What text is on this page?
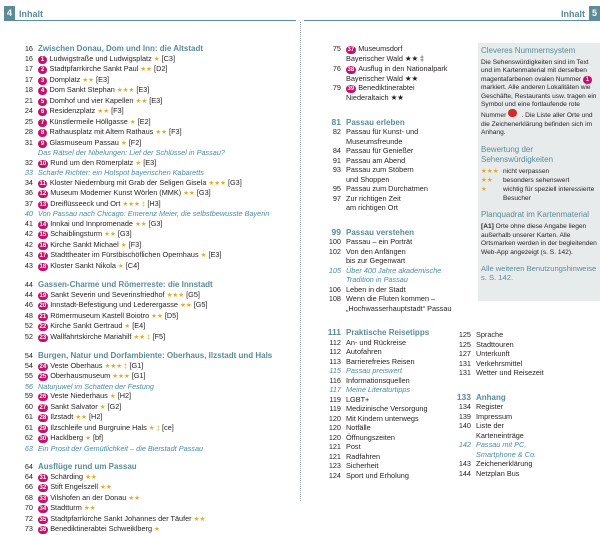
4 Inhalt	Inhalt 5
16 Zwischen Donau, Dom und Inn: die Altstadt
16	1 Ludwigstraße und Ludwigsplatz ★ [C3]
17	2 Stadtpfarrkirche Sankt Paul ★★ [D2]
17	3 Domplatz ★★ [E3]
18	4 Dom Sankt Stephan ★★★ [E3]
21	5 Domhof und vier Kapellen ★★ [E3]
24	6 Residenzplatz ★★ [F3]
25	7 Künstlermeile Höllgasse ★ [E2]
28	8 Rathausplatz mit Altem Rathaus ★★ [F3]
31	9 Glasmuseum Passau ★ [F2]
Das Rätsel der Nibelungen: Lief der Schlüssel in Passau?
32	10 Rund um den Römerplatz ★ [E3]
33 Scharfe Richter: ein Hotspot bayerischen Kabaretts
34	11 Kloster Niedernburg mit Grab der Seligen Gisela ★★★ [G3]
36	12 Museum Moderner Kunst Wörlen (MMK) ★★ [G3]
37	13 Dreiflüsseeck und Ort ★★★ ‡ [H3]
40 Von Passau nach Chicago: Emerenz Meier, die selbstbewusste Bayerin
41	14 Innkai und Innpromenade ★★ [G3]
42	15 Schaiblingsturm ★★ [G3]
42	16 Kirche Sankt Michael ★ [F3]
43	17 Stadttheater im Fürstbischöflichen Opernhaus ★ [E3]
43	18 Kloster Sankt Nikola ★ [C4]
44 Gassen-Charme und Römerreste: die Innstadt
44	19 Sankt Severin und Severinsfriedhof ★★★ [G5]
46	20 Innstadt-Befestigung und Lederergasse ★★ [G5]
48	21 Römermuseum Kastell Boiotro ★★ [D5]
52	22 Kirche Sankt Gertraud ★ [E4]
52	23 Wallfahrtskirche Mariahilf ★★ ‡ [F5]
54 Burgen, Natur und Dorfambiente: Oberhaus, Ilzstadt und Hals
54	24 Veste Oberhaus ★★★ ‡ [G1]
55	25 Oberhausmuseum ★★★ [G1]
56 Naturjuwel im Schatten der Festung
59	26 Veste Niederhaus ★ [H2]
60	27 Sankt Salvator ★ [G2]
61	28 Ilzstadt ★★ [H2]
61	29 Ilzschleife und Burgruine Hals ★ ‡ [ce]
62	30 Hacklberg ★ [bf]
63 Ein Prosit der Gemütlichkeit – die Bierstadt Passau
64 Ausflüge rund um Passau
64	31 Schärding ★★
66	32 Stift Engelszell ★★
68	33 Vilshofen an der Donau ★★
70	34 Stadtturm ★★
72	35 Stadtpfarrkirche Sankt Johannes der Täufer ★★
73	36 Benediktinerabtei Schweiklberg ★
75	37 Museumsdorf
Bayerischer Wald ★★ ‡
76	38 Ausflug in den Nationalpark
Bayerischer Wald ★★
79	39 Benediktinerabtei
Niederaltaich ★★
81 Passau erleben
82 Passau für Kunst- und
Museumsfreunde
84 Passau für Genießer
91 Passau am Abend
93 Passau zum Stöbern
und Shoppen
95 Passau zum Durchatmen
97 Zur richtigen Zeit
am richtigen Ort
99 Passau verstehen
100 Passau – ein Porträt
102 Von den Anfängen
bis zur Gegenwart
105 Über 400 Jahre akademische
Tradition in Passau
106 Leben in der Stadt
108 Wenn die Fluten kommen –
„Hochwasserhauptstadt“ Passau
111 Praktische Reisetipps
112 An- und Rückreise
112 Autofahren
113 Barrierefreies Reisen
115 Passau preiswert
116 Informationsquellen
117 Meine Literaturtipps
119 LGBT+
119 Medizinische Versorgung
120 Mit Kindern unterwegs
120 Notfälle
120 Öffnungszeiten
121 Post
121 Radfahren
123 Sicherheit
124 Sport und Erholung
125 Sprache
125 Stadttouren
127 Unterkunft
131 Verkehrsmittel
131 Wetter und Reisezeit
133 Anhang
134 Register
139 Impressum
140 Liste der
Karteneinträge
142 Passau mit PC,
Smartphone & Co.
143 Zeichenerklärung
144 Netzplan Bus
Cleveres Nummernsystem
Die Sehenswürdigkeiten sind im Text und im Kartenmaterial mit derselben magentafarbenen ovalen Nummer 1 markiert. Alle anderen Lokalitäten wie Geschäfte, Restaurants usw. tragen ein Symbol und eine fortlaufende rote Nummer . Die Liste aller Orte und die Zeichenerklärung befinden sich im Anhang.
Bewertung der Sehenswürdigkeiten
★★★ nicht verpassen
★★	besonders sehenswert
★	wichtig für speziell interessierte Besucher
Planquadrat im Kartenmaterial
[A1] Orte ohne diese Angabe liegen außerhalb unserer Karten. Alle Ortsmarken werden in der begleitenden Web-App angezeigt (s. S. 142).
Alle weiteren Benutzungshinweise s. S. 142.
